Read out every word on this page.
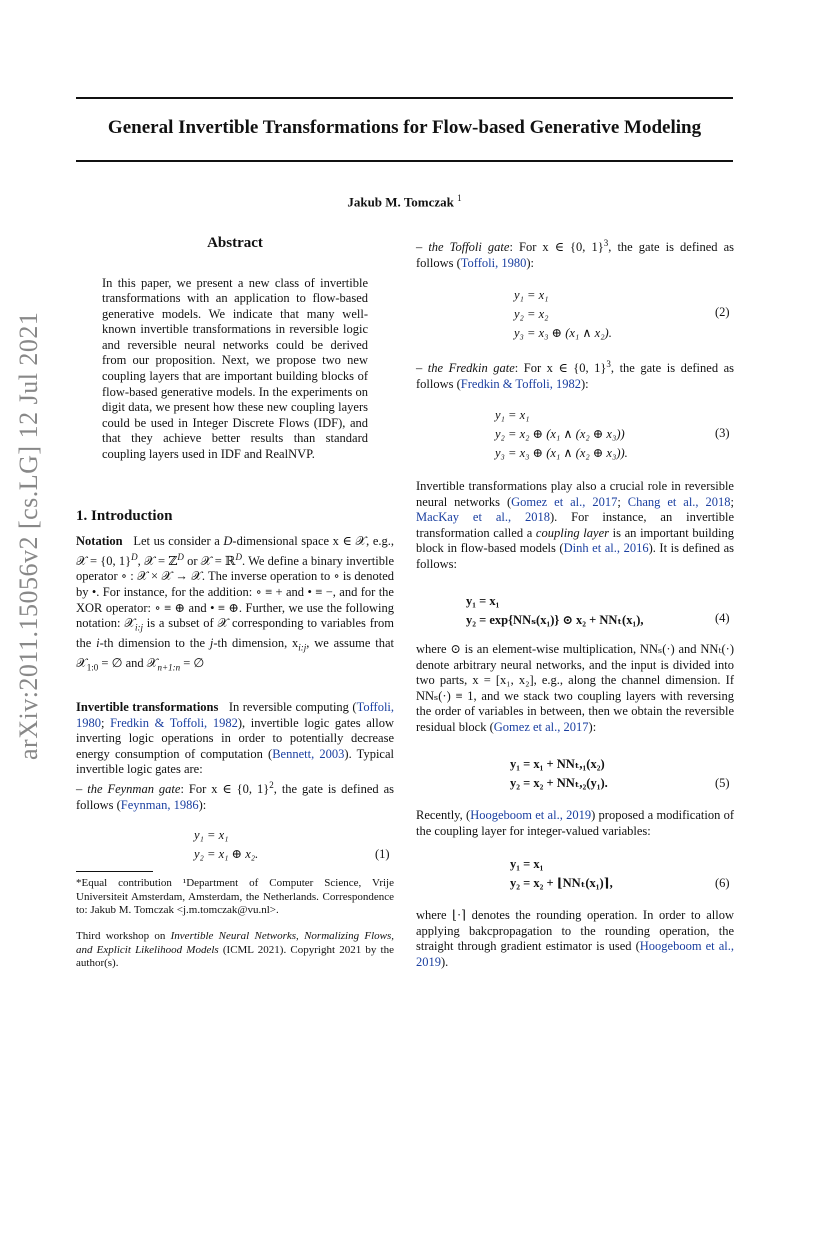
General Invertible Transformations for Flow-based Generative Modeling
Jakub M. Tomczak $^1$
arXiv:2011.15056v2 [cs.LG] 12 Jul 2021
Abstract

In this paper, we present a new class of invertible transformations with an application to flow-based generative models. We indicate that many well-known invertible transformations in reversible logic and reversible neural networks could be derived from our proposition. Next, we propose two new coupling layers that are important building blocks of flow-based generative models. In the experiments on digit data, we present how these new coupling layers could be used in Integer Discrete Flows (IDF), and that they achieve better results than standard coupling layers used in IDF and RealNVP.

1. Introduction

Notation Let us consider a D-dimensional space x ∈ 𝒳, e.g., 𝒳 = {0, 1}$^D$, 𝒳 = ℤ$^D$ or 𝒳 = ℝ$^D$. We define a binary invertible operator ∘ : 𝒳 × 𝒳 → 𝒳. The inverse operation to ∘ is denoted by •. For instance, for the addition: ∘ ≡ + and • ≡ −, and for the XOR operator: ∘ ≡ ⊕ and • ≡ ⊕. Further, we use the following notation: 𝒳$_{i:j}$ is a subset of 𝒳 corresponding to variables from the i-th dimension to the j-th dimension, $x_{i:j}$, we assume that 𝒳$_{1:0}$ = ∅ and 𝒳$_{n+1:n}$ = ∅

Invertible transformations In reversible computing (Toffoli, 1980; Fredkin & Toffoli, 1982), invertible logic gates allow inverting logic operations in order to potentially decrease energy consumption of computation (Bennett, 2003). Typical invertible logic gates are:
– the Feynman gate: For x ∈ {0, 1}$^2$, the gate is defined as follows (Feynman, 1986):

y₁ = x₁
y₂ = x₁ ⊕ x₂.	(1)

*Equal contribution ¹Department of Computer Science, Vrije Universiteit Amsterdam, Amsterdam, the Netherlands. Correspondence to: Jakub M. Tomczak <j.m.tomczak@vu.nl>.

Third workshop on Invertible Neural Networks, Normalizing Flows, and Explicit Likelihood Models (ICML 2021). Copyright 2021 by the author(s).

– the Toffoli gate: For x ∈ {0, 1}$^3$, the gate is defined as follows (Toffoli, 1980):

y₁ = x₁
y₂ = x₂
y₃ = x₃ ⊕ (x₁ ∧ x₂).
(2)

– the Fredkin gate: For x ∈ {0, 1}$^3$, the gate is defined as follows (Fredkin & Toffoli, 1982):

y₁ = x₁
y₂ = x₂ ⊕ (x₁ ∧ (x₂ ⊕ x₃))
y₃ = x₃ ⊕ (x₁ ∧ (x₂ ⊕ x₃)).
(3)

Invertible transformations play also a crucial role in reversible neural networks (Gomez et al., 2017; Chang et al., 2018; MacKay et al., 2018). For instance, an invertible transformation called a coupling layer is an important building block in flow-based models (Dinh et al., 2016). It is defined as follows:

y₁ = x₁
y₂ = exp{NNₛ(x₁)} ⊙ x₂ + NNₜ(x₁),	(4)

where ⊙ is an element-wise multiplication, NNₛ(·) and NNₜ(·) denote arbitrary neural networks, and the input is divided into two parts, x = [x₁, x₂], e.g., along the channel dimension. If NNₛ(·) ≡ 1, and we stack two coupling layers with reversing the order of variables in between, then we obtain the reversible residual block (Gomez et al., 2017):

y₁ = x₁ + NNₜ,₁(x₂)
y₂ = x₂ + NNₜ,₂(y₁).	(5)

Recently, (Hoogeboom et al., 2019) proposed a modification of the coupling layer for integer-valued variables:

y₁ = x₁
y₂ = x₂ + ⌊NNₜ(x₁)⌉,	(6)

where ⌊·⌉ denotes the rounding operation. In order to allow applying bakcpropagation to the rounding operation, the straight through gradient estimator is used (Hoogeboom et al., 2019).
